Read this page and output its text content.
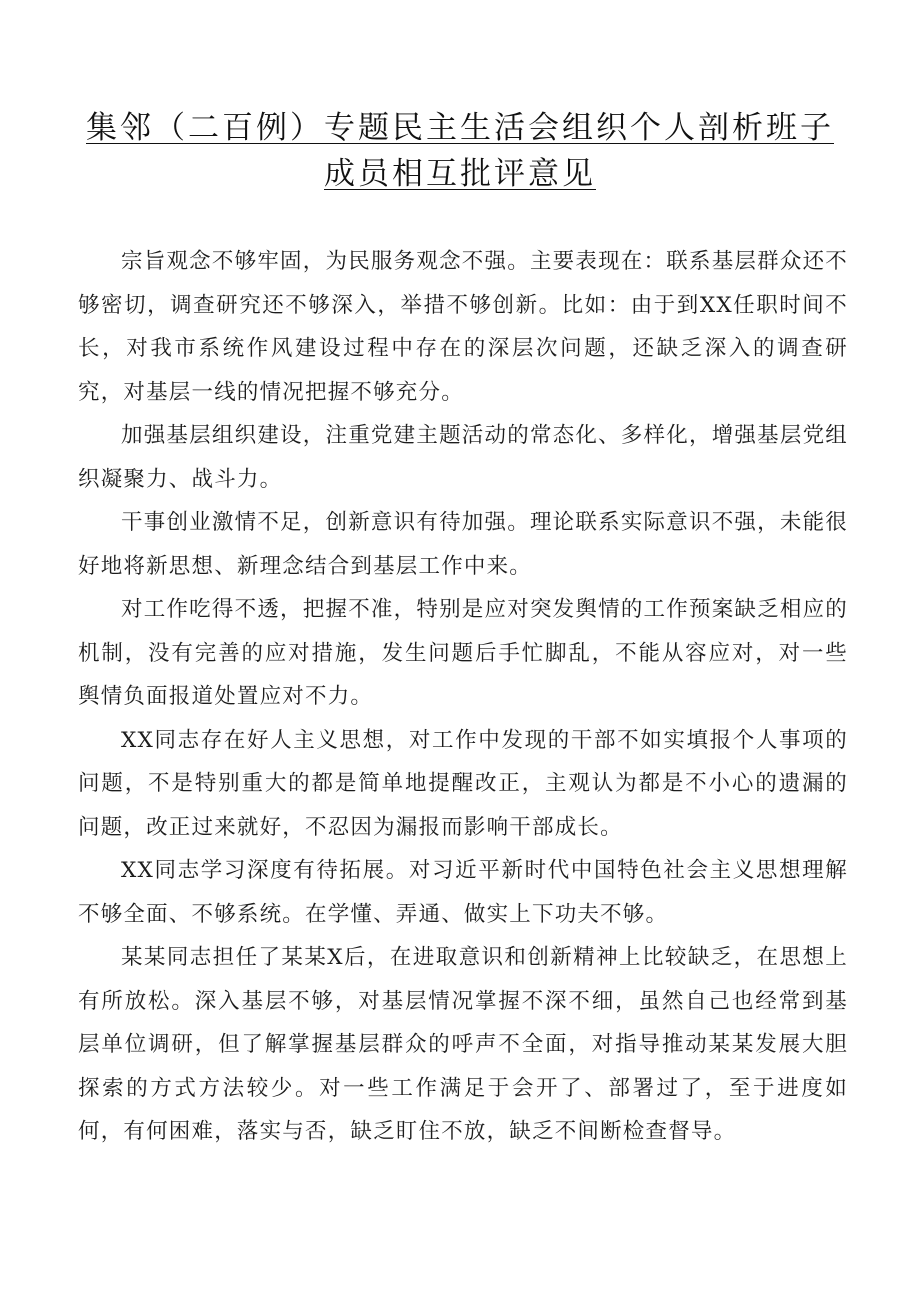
集邻（二百例）专题民主生活会组织个人剖析班子成员相互批评意见

宗旨观念不够牢固，为民服务观念不强。主要表现在：联系基层群众还不够密切，调查研究还不够深入，举措不够创新。比如：由于到XX任职时间不长，对我市系统作风建设过程中存在的深层次问题，还缺乏深入的调查研究，对基层一线的情况把握不够充分。

加强基层组织建设，注重党建主题活动的常态化、多样化，增强基层党组织凝聚力、战斗力。

干事创业激情不足，创新意识有待加强。理论联系实际意识不强，未能很好地将新思想、新理念结合到基层工作中来。

对工作吃得不透，把握不准，特别是应对突发舆情的工作预案缺乏相应的机制，没有完善的应对措施，发生问题后手忙脚乱，不能从容应对，对一些舆情负面报道处置应对不力。

XX同志存在好人主义思想，对工作中发现的干部不如实填报个人事项的问题，不是特别重大的都是简单地提醒改正，主观认为都是不小心的遗漏的问题，改正过来就好，不忍因为漏报而影响干部成长。

XX同志学习深度有待拓展。对习近平新时代中国特色社会主义思想理解不够全面、不够系统。在学懂、弄通、做实上下功夫不够。

某某同志担任了某某X后，在进取意识和创新精神上比较缺乏，在思想上有所放松。深入基层不够，对基层情况掌握不深不细，虽然自己也经常到基层单位调研，但了解掌握基层群众的呼声不全面，对指导推动某某发展大胆探索的方式方法较少。对一些工作满足于会开了、部署过了，至于进度如何，有何困难，落实与否，缺乏盯住不放，缺乏不间断检查督导。
